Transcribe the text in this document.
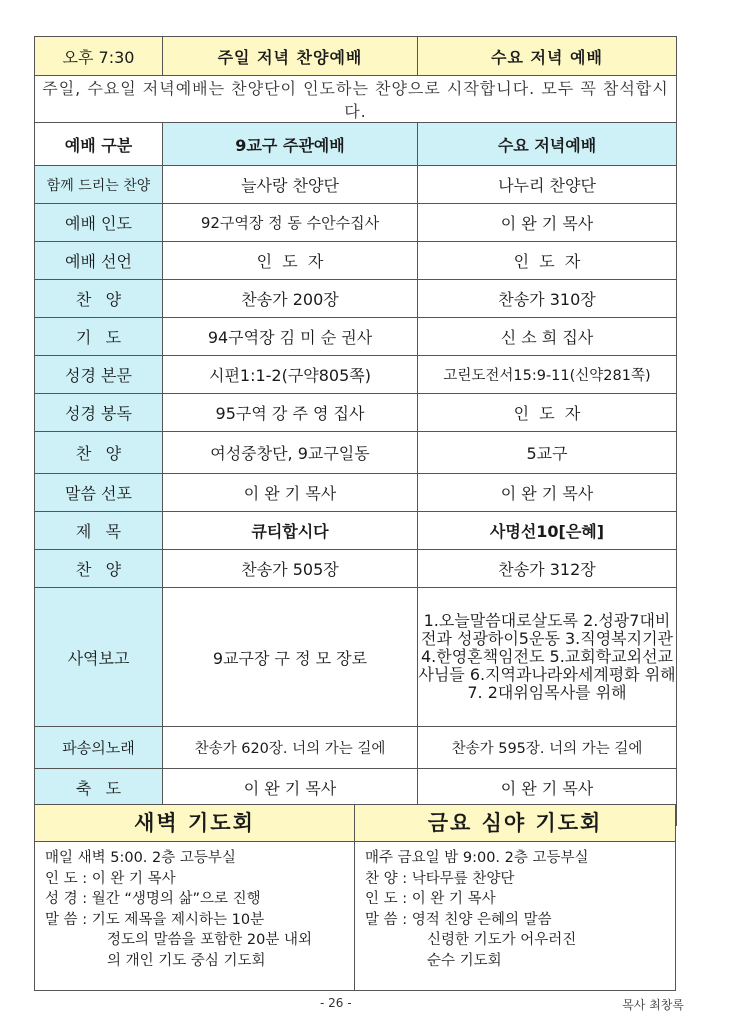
오후 7:30	주일 저녁 찬양예배	수요 저녁 예배
주일, 수요일 저녁예배는 찬양단이 인도하는 찬양으로 시작합니다. 모두 꼭 참석합시다.		
예배 구분	9교구 주관예배	수요 저녁예배
함께 드리는 찬양	늘사랑 찬양단	나누리 찬양단
예배 인도	92구역장 정 동 수안수집사	이 완 기 목사
예배 선언	인  도  자	인  도  자
찬양	찬송가 200장	찬송가 310장
기도	94구역장 김 미 순 권사	신 소 희 집사
성경 본문	시편1:1-2(구약805쪽)	고린도전서15:9-11(신약281쪽)
성경 봉독	95구역 강 주 영 집사	인  도  자
찬양	여성중창단, 9교구일동	5교구
말씀 선포	이 완 기 목사	이 완 기 목사
제목	큐티합시다	사명선10[은혜]
찬양	찬송가 505장	찬송가 312장
사역보고	9교구장 구 정 모 장로	1.오늘말씀대로살도록 2.성광7대비전과 성광하이5운동 3.직영복지기관 4.한영혼책임전도 5.교회학교외선교사님들 6.지역과나라와세계평화 위해 7. 2대위임목사를 위해
파송의노래	찬송가 620장. 너의 가는 길에	찬송가 595장. 너의 가는 길에
축도	이 완 기 목사	이 완 기 목사

새벽 기도회
매일 새벽 5:00. 2층 고등부실
인 도 : 이 완 기 목사
성 경 : 월간 “생명의 삶”으로 진행
말 씀 : 기도 제목을 제시하는 10분
정도의 말씀을 포함한 20분 내외
의 개인 기도 중심 기도회
금요 심야 기도회
매주 금요일 밤 9:00. 2층 고등부실
찬 양 : 낙타무릎 찬양단
인 도 : 이 완 기 목사
말 씀 : 영적 친양 은혜의 말씀
신령한 기도가 어우러진
순수 기도회
- 26 -	목사 최창록
